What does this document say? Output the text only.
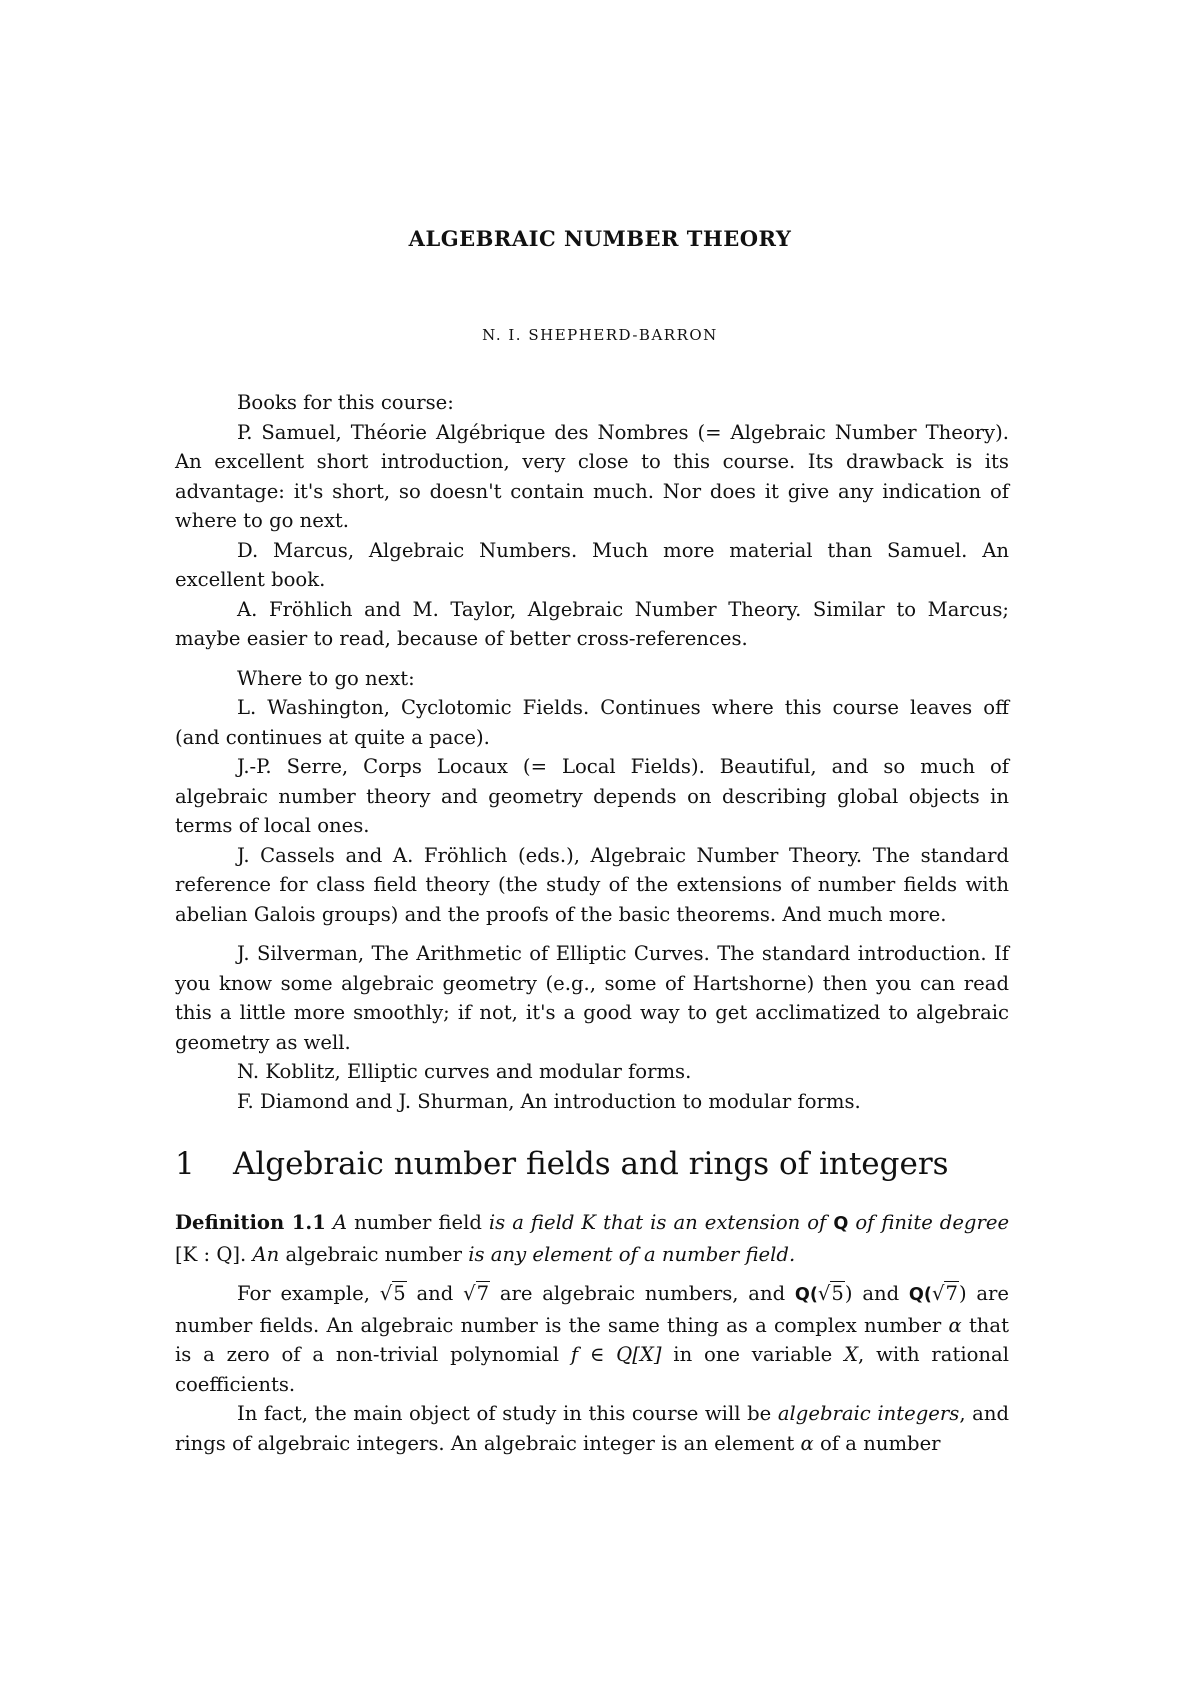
ALGEBRAIC NUMBER THEORY
N. I. SHEPHERD-BARRON

Books for this course:

P. Samuel, Théorie Algébrique des Nombres (= Algebraic Number Theory). An excellent short introduction, very close to this course. Its drawback is its advantage: it's short, so doesn't contain much. Nor does it give any indication of where to go next.

D. Marcus, Algebraic Numbers. Much more material than Samuel. An excellent book.

A. Fröhlich and M. Taylor, Algebraic Number Theory. Similar to Marcus; maybe easier to read, because of better cross-references.

Where to go next:

L. Washington, Cyclotomic Fields. Continues where this course leaves off (and continues at quite a pace).

J.-P. Serre, Corps Locaux (= Local Fields). Beautiful, and so much of algebraic number theory and geometry depends on describing global objects in terms of local ones.

J. Cassels and A. Fröhlich (eds.), Algebraic Number Theory. The standard reference for class field theory (the study of the extensions of number fields with abelian Galois groups) and the proofs of the basic theorems. And much more.

J. Silverman, The Arithmetic of Elliptic Curves. The standard introduction. If you know some algebraic geometry (e.g., some of Hartshorne) then you can read this a little more smoothly; if not, it's a good way to get acclimatized to algebraic geometry as well.

N. Koblitz, Elliptic curves and modular forms.

F. Diamond and J. Shurman, An introduction to modular forms.

1 Algebraic number fields and rings of integers

Definition 1.1 A number field is a field K that is an extension of Q of finite degree [K : Q]. An algebraic number is any element of a number field.

For example, √5 and √7 are algebraic numbers, and Q(√5) and Q(√7) are number fields. An algebraic number is the same thing as a complex number α that is a zero of a non-trivial polynomial f ∈ Q[X] in one variable X, with rational coefficients.

In fact, the main object of study in this course will be algebraic integers, and rings of algebraic integers. An algebraic integer is an element α of a number
